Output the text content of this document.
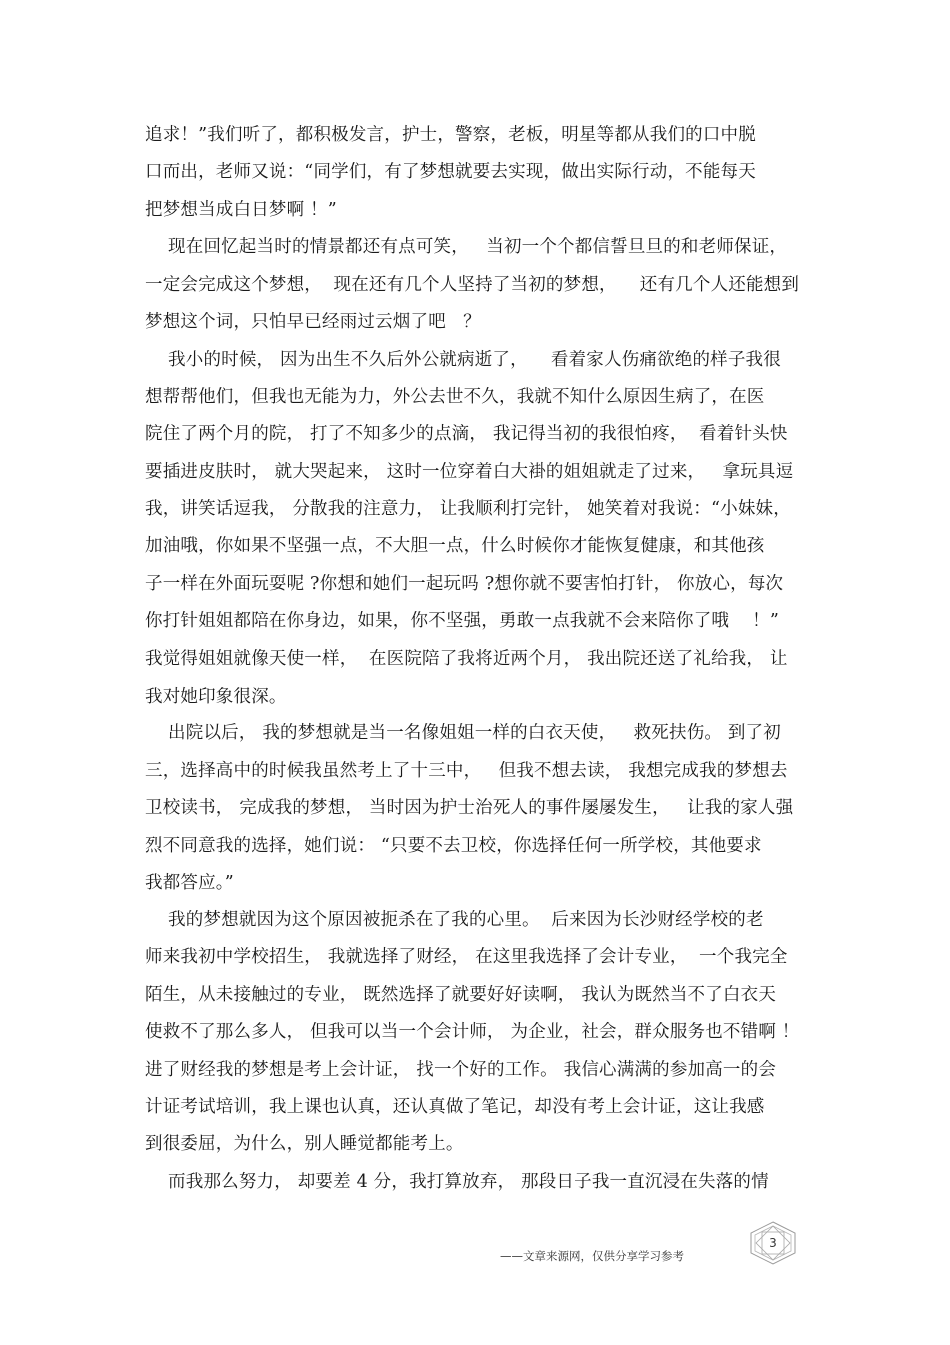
追求！”我们听了，都积极发言，护士，警察，老板，明星等都从我们的口中脱
口而出，老师又说：“同学们，有了梦想就要去实现，做出实际行动，不能每天
把梦想当成白日梦啊 ！”
现在回忆起当时的情景都还有点可笑，   当初一个个都信誓旦旦的和老师保证，
一定会完成这个梦想，  现在还有几个人坚持了当初的梦想，    还有几个人还能想到
梦想这个词，只怕早已经雨过云烟了吧   ？
我小的时候， 因为出生不久后外公就病逝了，    看着家人伤痛欲绝的样子我很
想帮帮他们，但我也无能为力，外公去世不久，我就不知什么原因生病了，在医
院住了两个月的院， 打了不知多少的点滴， 我记得当初的我很怕疼，  看着针头快
要插进皮肤时， 就大哭起来， 这时一位穿着白大褂的姐姐就走了过来，   拿玩具逗
我，讲笑话逗我， 分散我的注意力， 让我顺利打完针， 她笑着对我说：“小妹妹，
加油哦，你如果不坚强一点，不大胆一点，什么时候你才能恢复健康，和其他孩
子一样在外面玩耍呢 ?你想和她们一起玩吗 ?想你就不要害怕打针， 你放心，每次
你打针姐姐都陪在你身边，如果，你不坚强，勇敢一点我就不会来陪你了哦    ！”
我觉得姐姐就像天使一样，  在医院陪了我将近两个月， 我出院还送了礼给我， 让
我对她印象很深。
出院以后， 我的梦想就是当一名像姐姐一样的白衣天使，   救死扶伤。 到了初
三，选择高中的时候我虽然考上了十三中，   但我不想去读， 我想完成我的梦想去
卫校读书， 完成我的梦想， 当时因为护士治死人的事件屡屡发生，   让我的家人强
烈不同意我的选择，她们说： “只要不去卫校，你选择任何一所学校，其他要求
我都答应。”
我的梦想就因为这个原因被扼杀在了我的心里。  后来因为长沙财经学校的老
师来我初中学校招生， 我就选择了财经， 在这里我选择了会计专业，  一个我完全
陌生，从未接触过的专业， 既然选择了就要好好读啊， 我认为既然当不了白衣天
使救不了那么多人， 但我可以当一个会计师， 为企业，社会，群众服务也不错啊 ！
进了财经我的梦想是考上会计证， 找一个好的工作。 我信心满满的参加高一的会
计证考试培训，我上课也认真，还认真做了笔记，却没有考上会计证，这让我感
到很委屈，为什么，别人睡觉都能考上。
而我那么努力， 却要差 4 分，我打算放弃， 那段日子我一直沉浸在失落的情
3
——文章来源网，仅供分享学习参考
